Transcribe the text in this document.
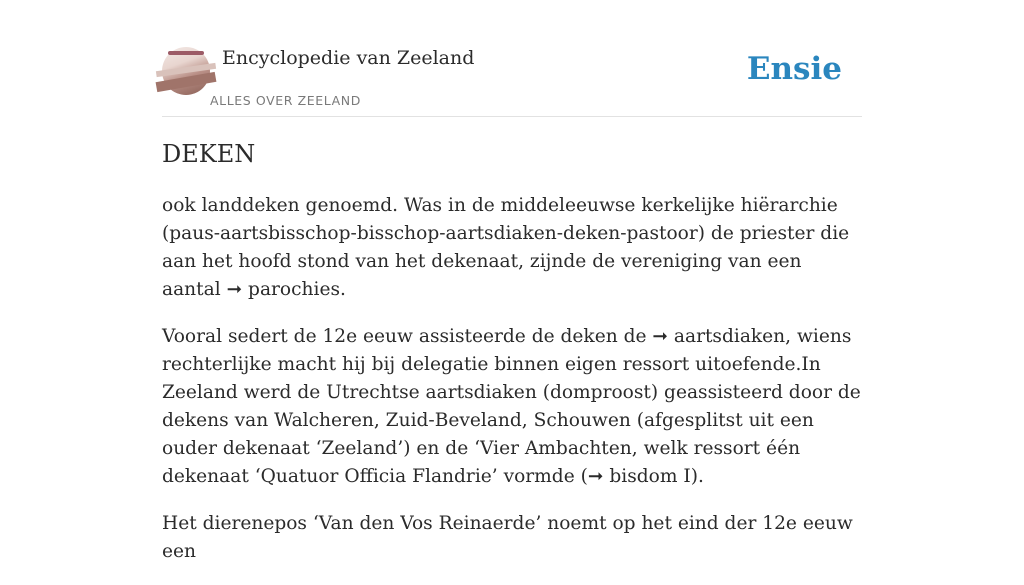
Encyclopedie van Zeeland
ALLES OVER ZEELAND
Ensie
DEKEN

ook landdeken genoemd. Was in de middeleeuwse kerkelijke hiërarchie (paus-aartsbisschop-bisschop-aartsdiaken-deken-pastoor) de priester die aan het hoofd stond van het dekenaat, zijnde de vereniging van een aantal ➞ parochies.

Vooral sedert de 12e eeuw assisteerde de deken de ➞ aartsdiaken, wiens rechterlijke macht hij bij delegatie binnen eigen ressort uitoefende.In Zeeland werd de Utrechtse aartsdiaken (domproost) geassisteerd door de dekens van Walcheren, Zuid-Beveland, Schouwen (afgesplitst uit een ouder dekenaat ‘Zeeland’) en de ‘Vier Ambachten, welk ressort één dekenaat ‘Quatuor Officia Flandrie’ vormde (➞ bisdom I).

Het dierenepos ‘Van den Vos Reinaerde’ noemt op het eind der 12e eeuw een
